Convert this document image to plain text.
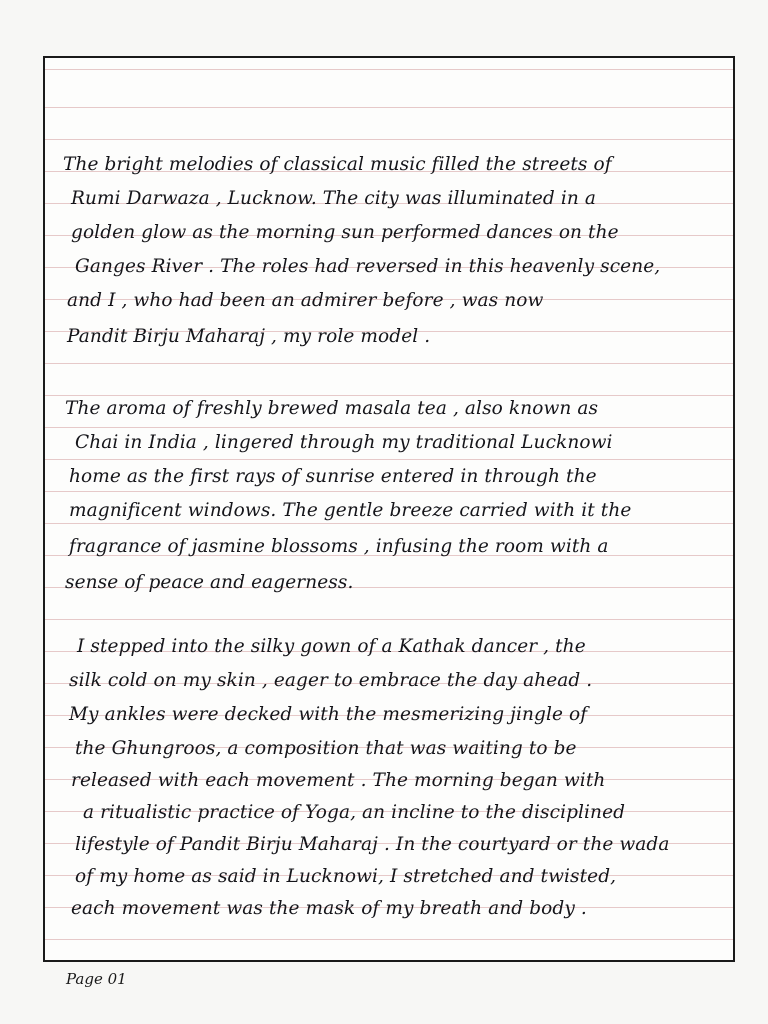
The bright melodies of classical music filled the streets of
Rumi Darwaza , Lucknow. The city was illuminated in a
golden glow as the morning sun performed dances on the
Ganges River . The roles had reversed in this heavenly scene,
and I , who had been an admirer before , was now
Pandit Birju Maharaj , my role model .
The aroma of freshly brewed masala tea , also known as
Chai in India , lingered through my traditional Lucknowi
home as the first rays of sunrise entered in through the
magnificent windows. The gentle breeze carried with it the
fragrance of jasmine blossoms , infusing the room with a
sense of peace and eagerness.
I stepped into the silky gown of a Kathak dancer , the
silk cold on my skin , eager to embrace the day ahead .
My ankles were decked with the mesmerizing jingle of
the Ghungroos, a composition that was waiting to be
released with each movement . The morning began with
a ritualistic practice of Yoga, an incline to the disciplined
lifestyle of Pandit Birju Maharaj . In the courtyard or the wada
of my home as said in Lucknowi, I stretched and twisted,
each movement was the mask of my breath and body .
Page 01
